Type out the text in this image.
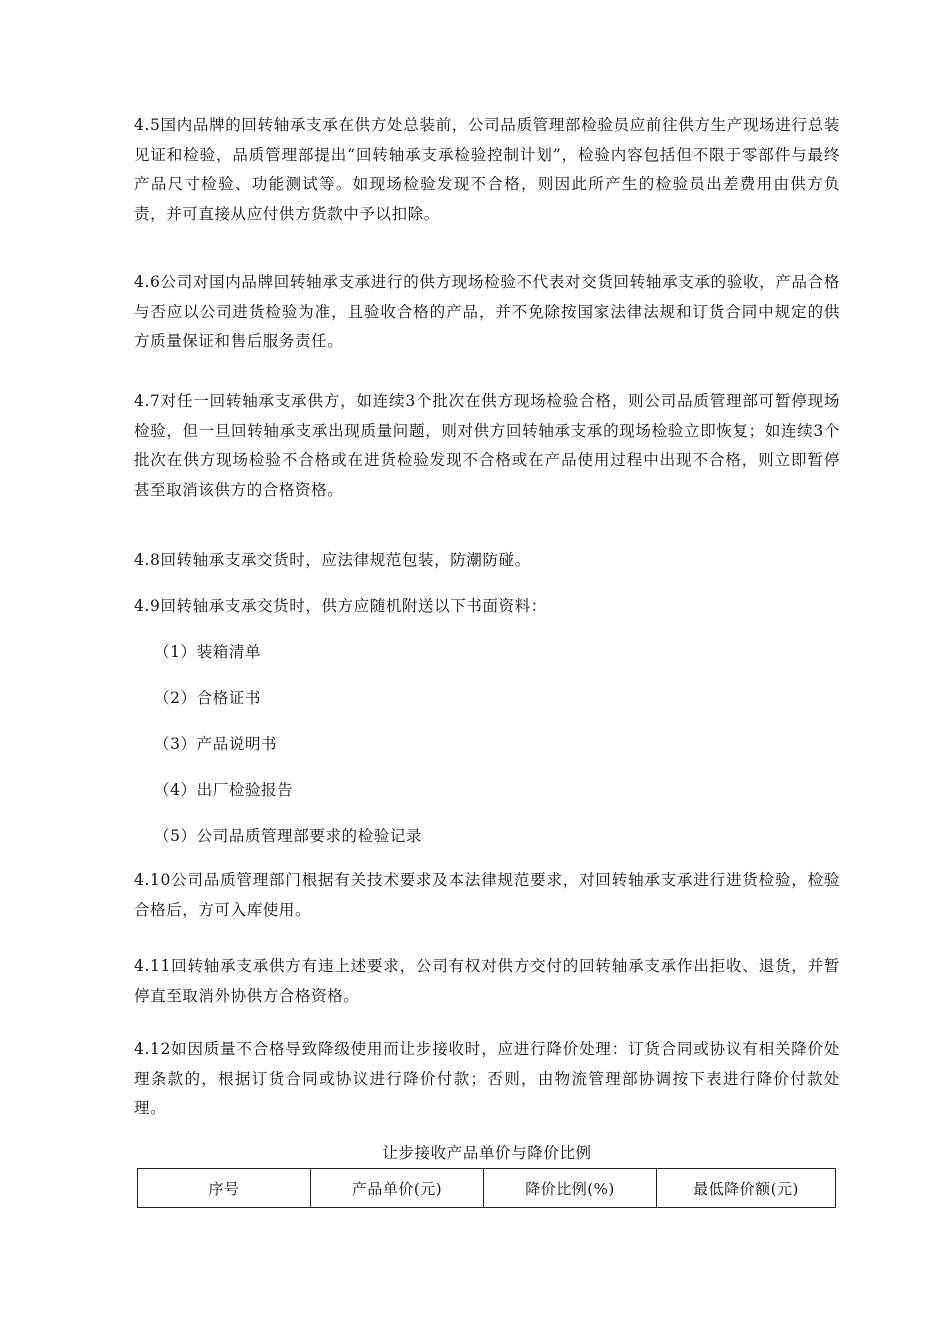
4.5国内品牌的回转轴承支承在供方处总装前，公司品质管理部检验员应前往供方生产现场进行总装见证和检验，品质管理部提出“回转轴承支承检验控制计划”，检验内容包括但不限于零部件与最终产品尺寸检验、功能测试等。如现场检验发现不合格，则因此所产生的检验员出差费用由供方负责，并可直接从应付供方货款中予以扣除。

4.6公司对国内品牌回转轴承支承进行的供方现场检验不代表对交货回转轴承支承的验收，产品合格与否应以公司进货检验为准，且验收合格的产品，并不免除按国家法律法规和订货合同中规定的供方质量保证和售后服务责任。

4.7对任一回转轴承支承供方，如连续3个批次在供方现场检验合格，则公司品质管理部可暂停现场检验，但一旦回转轴承支承出现质量问题，则对供方回转轴承支承的现场检验立即恢复；如连续3个批次在供方现场检验不合格或在进货检验发现不合格或在产品使用过程中出现不合格，则立即暂停甚至取消该供方的合格资格。

4.8回转轴承支承交货时，应法律规范包装，防潮防碰。

4.9回转轴承支承交货时，供方应随机附送以下书面资料：

（1）装箱清单

（2）合格证书

（3）产品说明书

（4）出厂检验报告

（5）公司品质管理部要求的检验记录

4.10公司品质管理部门根据有关技术要求及本法律规范要求，对回转轴承支承进行进货检验，检验合格后，方可入库使用。

4.11回转轴承支承供方有违上述要求，公司有权对供方交付的回转轴承支承作出拒收、退货，并暂停直至取消外协供方合格资格。

4.12如因质量不合格导致降级使用而让步接收时，应进行降价处理：订货合同或协议有相关降价处理条款的，根据订货合同或协议进行降价付款；否则，由物流管理部协调按下表进行降价付款处理。

让步接收产品单价与降价比例

序号	产品单价(元)	降价比例(%)	最低降价额(元)
